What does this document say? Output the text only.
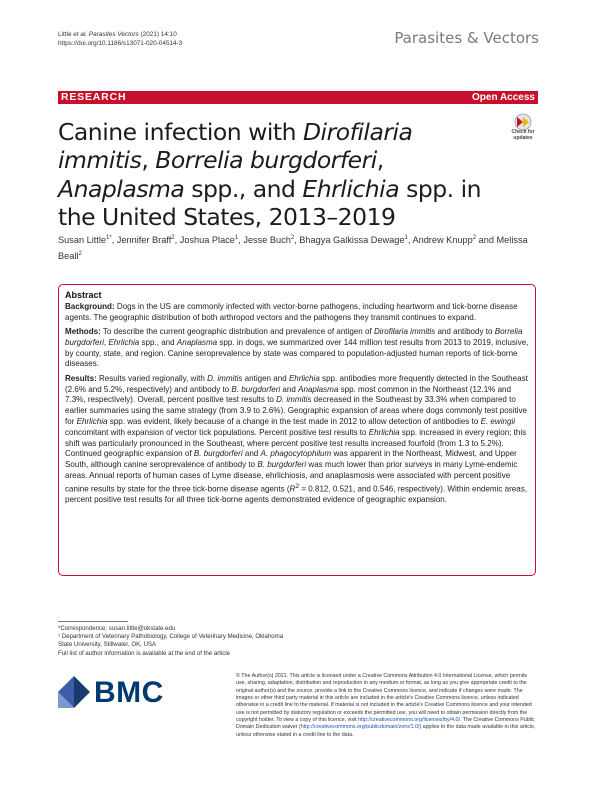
Little et al. Parasites Vectors (2021) 14:10
https://doi.org/10.1186/s13071-020-04514-3	Parasites & Vectors
RESEARCH	Open Access
Canine infection with Dirofilaria immitis, Borrelia burgdorferi, Anaplasma spp., and Ehrlichia spp. in the United States, 2013–2019
Check for
updates
Susan Little$^{1*}$, Jennifer Braff$^2$, Joshua Place$^1$, Jesse Buch$^2$, Bhagya Galkissa Dewage$^1$, Andrew Knupp$^2$ and Melissa Beall$^2$
Abstract

Background: Dogs in the US are commonly infected with vector-borne pathogens, including heartworm and tick-borne disease agents. The geographic distribution of both arthropod vectors and the pathogens they transmit continues to expand.

Methods: To describe the current geographic distribution and prevalence of antigen of Dirofilaria immitis and antibody to Borrelia burgdorferi, Ehrlichia spp., and Anaplasma spp. in dogs, we summarized over 144 million test results from 2013 to 2019, inclusive, by county, state, and region. Canine seroprevalence by state was compared to population-adjusted human reports of tick-borne diseases.

Results: Results varied regionally, with D. immitis antigen and Ehrlichia spp. antibodies more frequently detected in the Southeast (2.6% and 5.2%, respectively) and antibody to B. burgdorferi and Anaplasma spp. most common in the Northeast (12.1% and 7.3%, respectively). Overall, percent positive test results to D. immitis decreased in the Southeast by 33.3% when compared to earlier summaries using the same strategy (from 3.9 to 2.6%). Geographic expansion of areas where dogs commonly test positive for Ehrlichia spp. was evident, likely because of a change in the test made in 2012 to allow detection of antibodies to E. ewingii concomitant with expansion of vector tick populations. Percent positive test results to Ehrlichia spp. increased in every region; this shift was particularly pronounced in the Southeast, where percent positive test results increased fourfold (from 1.3 to 5.2%). Continued geographic expansion of B. burgdorferi and A. phagocytophilum was apparent in the Northeast, Midwest, and Upper South, although canine seroprevalence of antibody to B. burgdorferi was much lower than prior surveys in many Lyme-endemic areas. Annual reports of human cases of Lyme disease, ehrlichiosis, and anaplasmosis were associated with percent positive canine results by state for the three tick-borne disease agents ($R^2 = 0.812$, 0.521, and 0.546, respectively). Within endemic areas, percent positive test results for all three tick-borne agents demonstrated evidence of geographic expansion.

*Correspondence: susan.little@okstate.edu
¹ Department of Veterinary Pathobiology, College of Veterinary Medicine, Oklahoma State University, Stillwater, OK, USA
Full list of author information is available at the end of the article
BMC	© The Author(s) 2021. This article is licensed under a Creative Commons Attribution 4.0 International License, which permits use, sharing, adaptation, distribution and reproduction in any medium or format, as long as you give appropriate credit to the original author(s) and the source, provide a link to the Creative Commons licence, and indicate if changes were made. The images or other third party material in this article are included in the article's Creative Commons licence, unless indicated otherwise in a credit line to the material. If material is not included in the article's Creative Commons licence and your intended use is not permitted by statutory regulation or exceeds the permitted use, you will need to obtain permission directly from the copyright holder. To view a copy of this licence, visit http://creativecommons.org/licenses/by/4.0/. The Creative Commons Public Domain Dedication waiver (http://creativecommons.org/publicdomain/zero/1.0/) applies to the data made available in this article, unless otherwise stated in a credit line to the data.
